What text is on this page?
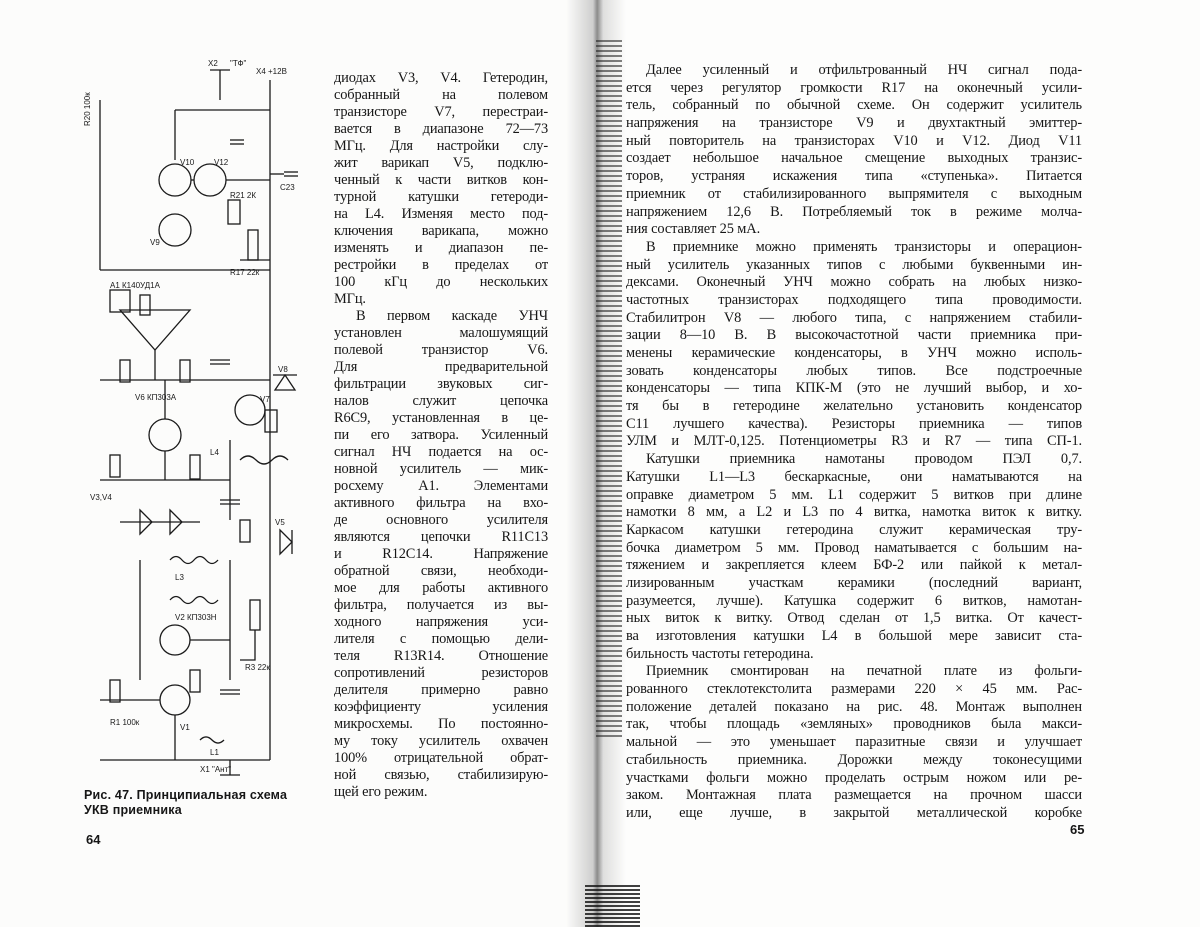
X2 "ТФ"
X4 +12В
R20 100к
V10 V12
V9
R21 2К
C23
R17 22к
А1 К140УД1А
V8
V6 КП303А	V7
L4
V3,V4
V5
L3
V2 КП303Н
R3 22к
V1
R1 100к
L1
X1 "Ант"
Рис. 47. Принципиальная схема
УКВ приемника
диодах V3, V4. Гетеродин,
собранный на полевом
транзисторе V7, перестраи-
вается в диапазоне 72—73
МГц. Для настройки слу-
жит варикап V5, подклю-
ченный к части витков кон-
турной катушки гетероди-
на L4. Изменяя место под-
ключения варикапа, можно
изменять и диапазон пе-
рестройки в пределах от
100 кГц до нескольких
МГц.
В первом каскаде УНЧ
установлен малошумящий
полевой транзистор V6.
Для предварительной
фильтрации звуковых сиг-
налов служит цепочка
R6C9, установленная в це-
пи его затвора. Усиленный
сигнал НЧ подается на ос-
новной усилитель — мик-
росхему A1. Элементами
активного фильтра на вхо-
де основного усилителя
являются цепочки R11C13
и R12C14. Напряжение
обратной связи, необходи-
мое для работы активного
фильтра, получается из вы-
ходного напряжения уси-
лителя с помощью дели-
теля R13R14. Отношение
сопротивлений резисторов
делителя примерно равно
коэффициенту усиления
микросхемы. По постоянно-
му току усилитель охвачен
100% отрицательной обрат-
ной связью, стабилизирую-
щей его режим.
64
Далее усиленный и отфильтрованный НЧ сигнал пода-
ется через регулятор громкости R17 на оконечный усили-
тель, собранный по обычной схеме. Он содержит усилитель
напряжения на транзисторе V9 и двухтактный эмиттер-
ный повторитель на транзисторах V10 и V12. Диод V11
создает небольшое начальное смещение выходных транзис-
торов, устраняя искажения типа «ступенька». Питается
приемник от стабилизированного выпрямителя с выходным
напряжением 12,6 В. Потребляемый ток в режиме молча-
ния составляет 25 мА.
В приемнике можно применять транзисторы и операцион-
ный усилитель указанных типов с любыми буквенными ин-
дексами. Оконечный УНЧ можно собрать на любых низко-
частотных транзисторах подходящего типа проводимости.
Стабилитрон V8 — любого типа, с напряжением стабили-
зации 8—10 В. В высокочастотной части приемника при-
менены керамические конденсаторы, в УНЧ можно исполь-
зовать конденсаторы любых типов. Все подстроечные
конденсаторы — типа КПК-М (это не лучший выбор, и хо-
тя бы в гетеродине желательно установить конденсатор
C11 лучшего качества). Резисторы приемника — типов
УЛМ и МЛТ-0,125. Потенциометры R3 и R7 — типа СП-1.
Катушки приемника намотаны проводом ПЭЛ 0,7.
Катушки L1—L3 бескаркасные, они наматываются на
оправке диаметром 5 мм. L1 содержит 5 витков при длине
намотки 8 мм, а L2 и L3 по 4 витка, намотка виток к витку.
Каркасом катушки гетеродина служит керамическая тру-
бочка диаметром 5 мм. Провод наматывается с большим на-
тяжением и закрепляется клеем БФ-2 или пайкой к метал-
лизированным участкам керамики (последний вариант,
разумеется, лучше). Катушка содержит 6 витков, намотан-
ных виток к витку. Отвод сделан от 1,5 витка. От качест-
ва изготовления катушки L4 в большой мере зависит ста-
бильность частоты гетеродина.
Приемник смонтирован на печатной плате из фольги-
рованного стеклотекстолита размерами 220 × 45 мм. Рас-
положение деталей показано на рис. 48. Монтаж выполнен
так, чтобы площадь «земляных» проводников была макси-
мальной — это уменьшает паразитные связи и улучшает
стабильность приемника. Дорожки между токонесущими
участками фольги можно проделать острым ножом или ре-
заком. Монтажная плата размещается на прочном шасси
или, еще лучше, в закрытой металлической коробке
65
